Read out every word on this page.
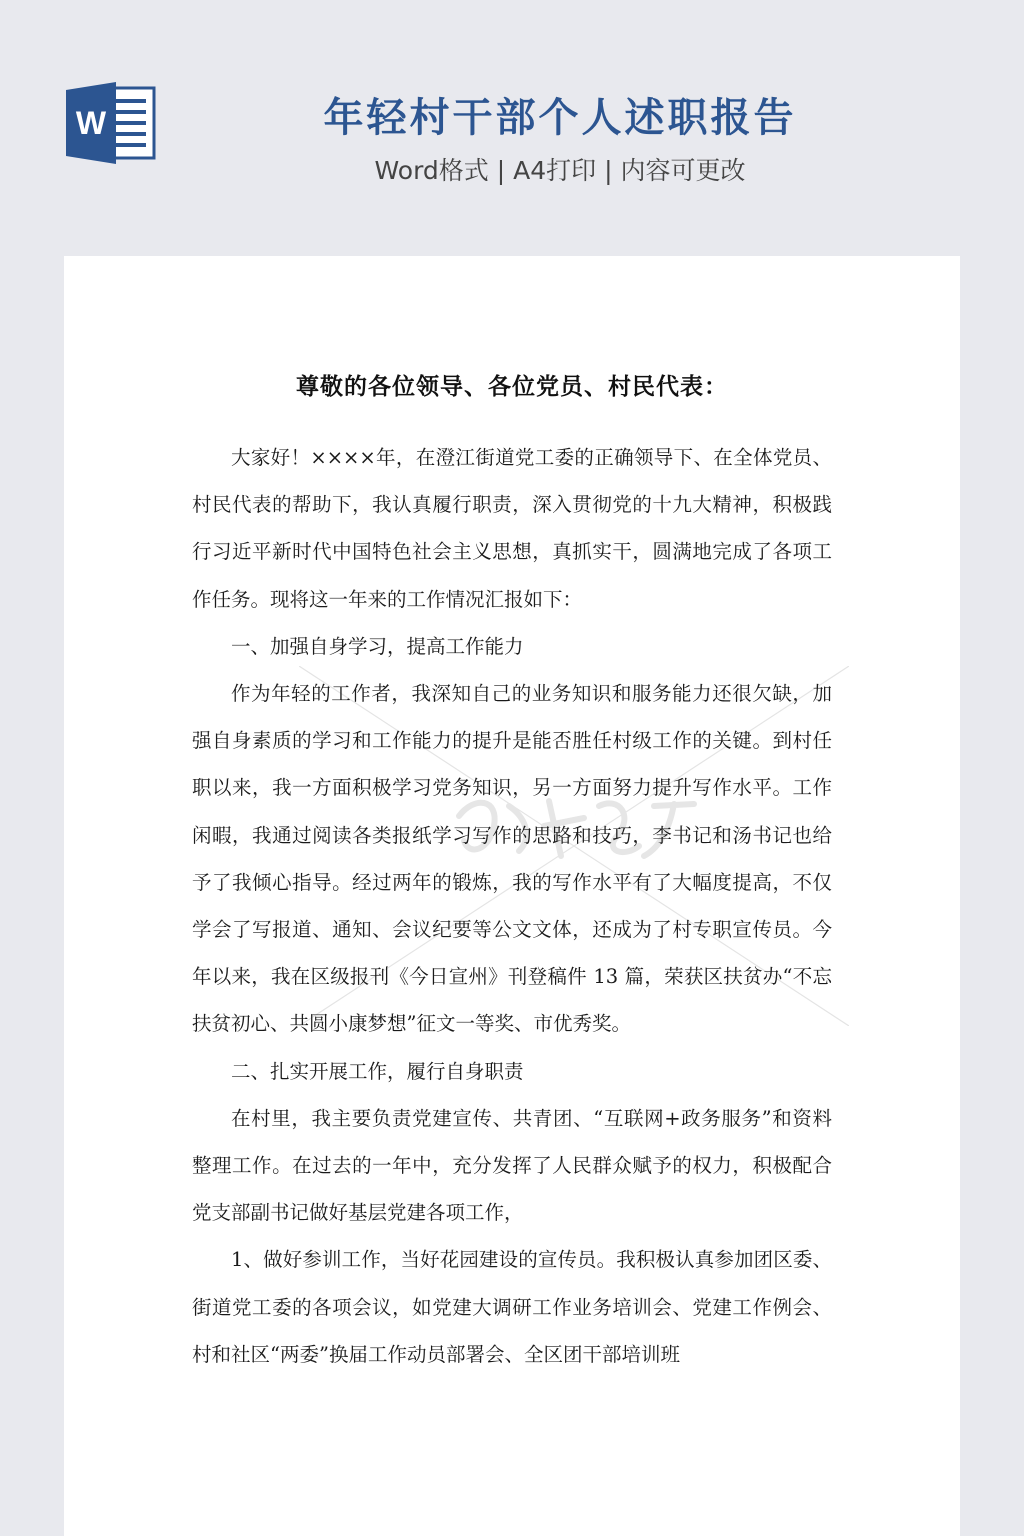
W	年轻村干部个人述职报告
Word格式 | A4打印 | 内容可更改
尊敬的各位领导、各位党员、村民代表：

大家好！××××年，在澄江街道党工委的正确领导下、在全体党员、村民代表的帮助下，我认真履行职责，深入贯彻党的十九大精神，积极践行习近平新时代中国特色社会主义思想，真抓实干，圆满地完成了各项工作任务。现将这一年来的工作情况汇报如下：

一、加强自身学习，提高工作能力

作为年轻的工作者，我深知自己的业务知识和服务能力还很欠缺，加强自身素质的学习和工作能力的提升是能否胜任村级工作的关键。到村任职以来，我一方面积极学习党务知识，另一方面努力提升写作水平。工作闲暇，我通过阅读各类报纸学习写作的思路和技巧，李书记和汤书记也给予了我倾心指导。经过两年的锻炼，我的写作水平有了大幅度提高，不仅学会了写报道、通知、会议纪要等公文文体，还成为了村专职宣传员。今年以来，我在区级报刊《今日宣州》刊登稿件 13 篇，荣获区扶贫办“不忘扶贫初心、共圆小康梦想”征文一等奖、市优秀奖。

二、扎实开展工作，履行自身职责

在村里，我主要负责党建宣传、共青团、“互联网+政务服务”和资料整理工作。在过去的一年中，充分发挥了人民群众赋予的权力，积极配合党支部副书记做好基层党建各项工作，

1、做好参训工作，当好花园建设的宣传员。我积极认真参加团区委、街道党工委的各项会议，如党建大调研工作业务培训会、党建工作例会、村和社区“两委”换届工作动员部署会、全区团干部培训班
